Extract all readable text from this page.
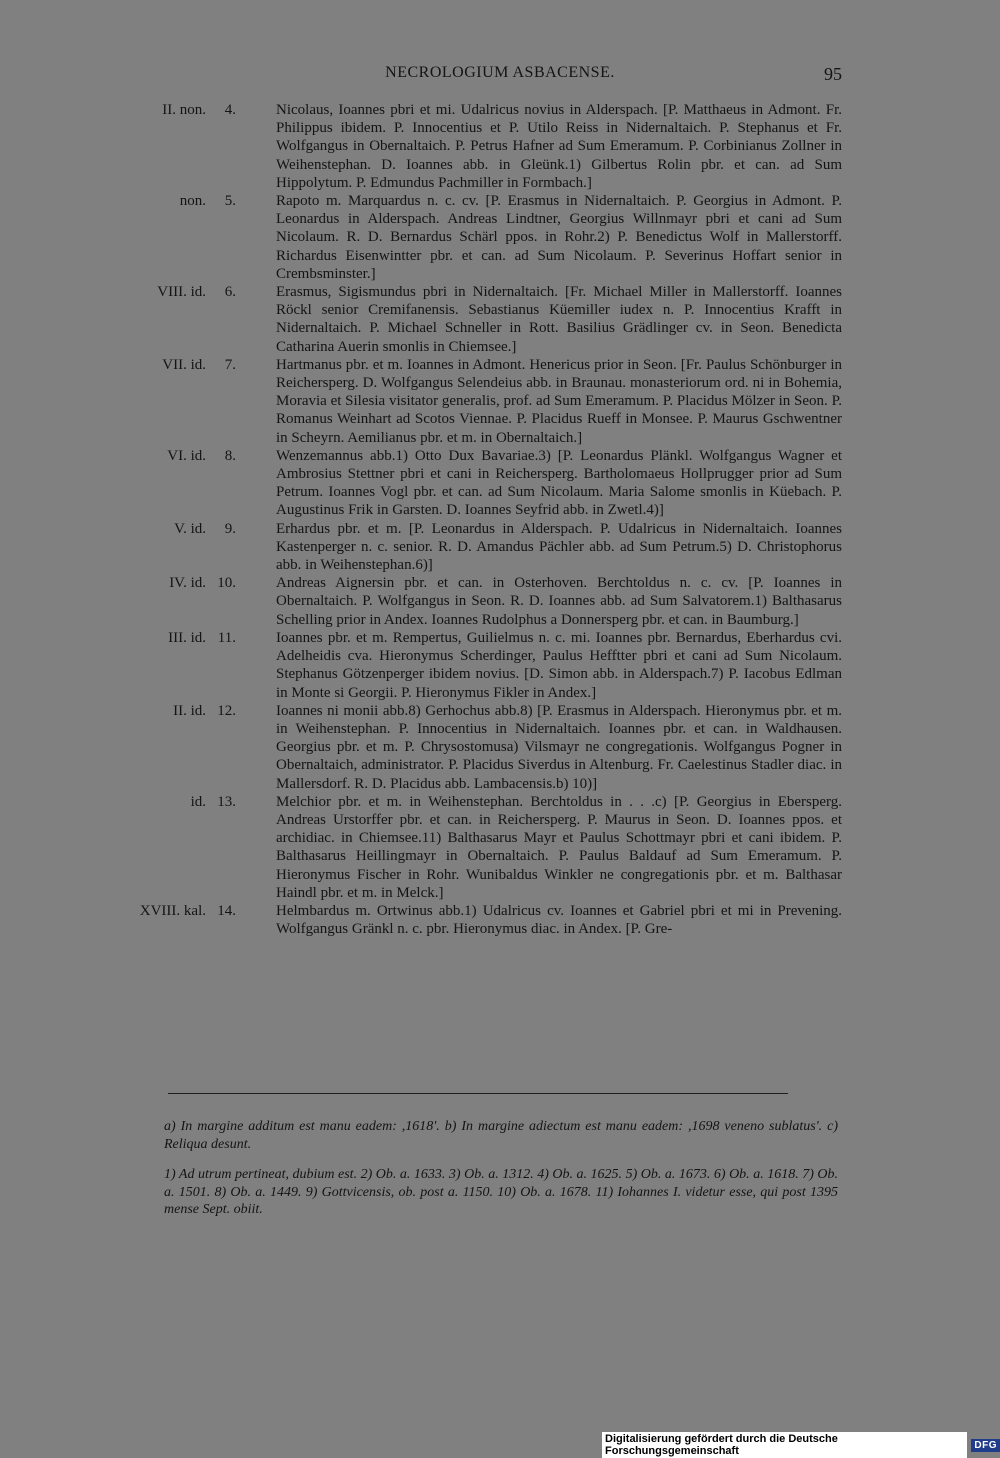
NECROLOGIUM ASBACENSE.	95

II. non.	4.	Nicolaus, Ioannes pbri et mi. Udalricus novius in Alderspach. [P. Matthaeus in Admont. Fr. Philippus ibidem. P. Innocentius et P. Utilo Reiss in Nidernaltaich. P. Stephanus et Fr. Wolfgangus in Obernaltaich. P. Petrus Hafner ad Sum Emeramum. P. Corbinianus Zollner in Weihenstephan. D. Ioannes abb. in Gleünk.1) Gilbertus Rolin pbr. et can. ad Sum Hippolytum. P. Edmundus Pachmiller in Formbach.]

non.	5.	Rapoto m. Marquardus n. c. cv. [P. Erasmus in Nidernaltaich. P. Georgius in Admont. P. Leonardus in Alderspach. Andreas Lindtner, Georgius Willnmayr pbri et cani ad Sum Nicolaum. R. D. Bernardus Schärl ppos. in Rohr.2) P. Benedictus Wolf in Mallerstorff. Richardus Eisenwintter pbr. et can. ad Sum Nicolaum. P. Severinus Hoffart senior in Crembsminster.]

VIII. id.	6.	Erasmus, Sigismundus pbri in Nidernaltaich. [Fr. Michael Miller in Mallerstorff. Ioannes Röckl senior Cremifanensis. Sebastianus Küemiller iudex n. P. Innocentius Krafft in Nidernaltaich. P. Michael Schneller in Rott. Basilius Grädlinger cv. in Seon. Benedicta Catharina Auerin smonlis in Chiemsee.]

VII. id.	7.	Hartmanus pbr. et m. Ioannes in Admont. Henericus prior in Seon. [Fr. Paulus Schönburger in Reichersperg. D. Wolfgangus Selendeius abb. in Braunau. monasteriorum ord. ni in Bohemia, Moravia et Silesia visitator generalis, prof. ad Sum Emeramum. P. Placidus Mölzer in Seon. P. Romanus Weinhart ad Scotos Viennae. P. Placidus Rueff in Monsee. P. Maurus Gschwentner in Scheyrn. Aemilianus pbr. et m. in Obernaltaich.]

VI. id.	8.	Wenzemannus abb.1) Otto Dux Bavariae.3) [P. Leonardus Plänkl. Wolfgangus Wagner et Ambrosius Stettner pbri et cani in Reichersperg. Bartholomaeus Hollprugger prior ad Sum Petrum. Ioannes Vogl pbr. et can. ad Sum Nicolaum. Maria Salome smonlis in Küebach. P. Augustinus Frik in Garsten. D. Ioannes Seyfrid abb. in Zwetl.4)]

V. id.	9.	Erhardus pbr. et m. [P. Leonardus in Alderspach. P. Udalricus in Nidernaltaich. Ioannes Kastenperger n. c. senior. R. D. Amandus Pächler abb. ad Sum Petrum.5) D. Christophorus abb. in Weihenstephan.6)]

IV. id. 10.	Andreas Aignersin pbr. et can. in Osterhoven. Berchtoldus n. c. cv. [P. Ioannes in Obernaltaich. P. Wolfgangus in Seon. R. D. Ioannes abb. ad Sum Salvatorem.1) Balthasarus Schelling prior in Andex. Ioannes Rudolphus a Donnersperg pbr. et can. in Baumburg.]

III. id. 11.	Ioannes pbr. et m. Rempertus, Guilielmus n. c. mi. Ioannes pbr. Bernardus, Eberhardus cvi. Adelheidis cva. Hieronymus Scherdinger, Paulus Hefftter pbri et cani ad Sum Nicolaum. Stephanus Götzenperger ibidem novius. [D. Simon abb. in Alderspach.7) P. Iacobus Edlman in Monte si Georgii. P. Hieronymus Fikler in Andex.]

II. id. 12.	Ioannes ni monii abb.8) Gerhochus abb.8) [P. Erasmus in Alderspach. Hieronymus pbr. et m. in Weihenstephan. P. Innocentius in Nidernaltaich. Ioannes pbr. et can. in Waldhausen. Georgius pbr. et m. P. Chrysostomusa) Vilsmayr ne congregationis. Wolfgangus Pogner in Obernaltaich, administrator. P. Placidus Siverdus in Altenburg. Fr. Caelestinus Stadler diac. in Mallersdorf. R. D. Placidus abb. Lambacensis.b) 10)]

id. 13.	Melchior pbr. et m. in Weihenstephan. Berchtoldus in . . .c) [P. Georgius in Ebersperg. Andreas Urstorffer pbr. et can. in Reichersperg. P. Maurus in Seon. D. Ioannes ppos. et archidiac. in Chiemsee.11) Balthasarus Mayr et Paulus Schottmayr pbri et cani ibidem. P. Balthasarus Heillingmayr in Obernaltaich. P. Paulus Baldauf ad Sum Emeramum. P. Hieronymus Fischer in Rohr. Wunibaldus Winkler ne congregationis pbr. et m. Balthasar Haindl pbr. et m. in Melck.]

XVIII. kal. 14.	Helmbardus m. Ortwinus abb.1) Udalricus cv. Ioannes et Gabriel pbri et mi in Prevening. Wolfgangus Gränkl n. c. pbr. Hieronymus diac. in Andex. [P. Gre-

a) In margine additum est manu eadem: ,1618'. b) In margine adiectum est manu eadem: ,1698 veneno sublatus'. c) Reliqua desunt.
1) Ad utrum pertineat, dubium est. 2) Ob. a. 1633. 3) Ob. a. 1312. 4) Ob. a. 1625. 5) Ob. a. 1673. 6) Ob. a. 1618. 7) Ob. a. 1501. 8) Ob. a. 1449. 9) Gottvicensis, ob. post a. 1150. 10) Ob. a. 1678. 11) Iohannes I. videtur esse, qui post 1395 mense Sept. obiit.
Digitalisierung gefördert durch die Deutsche Forschungsgemeinschaft	DFG
